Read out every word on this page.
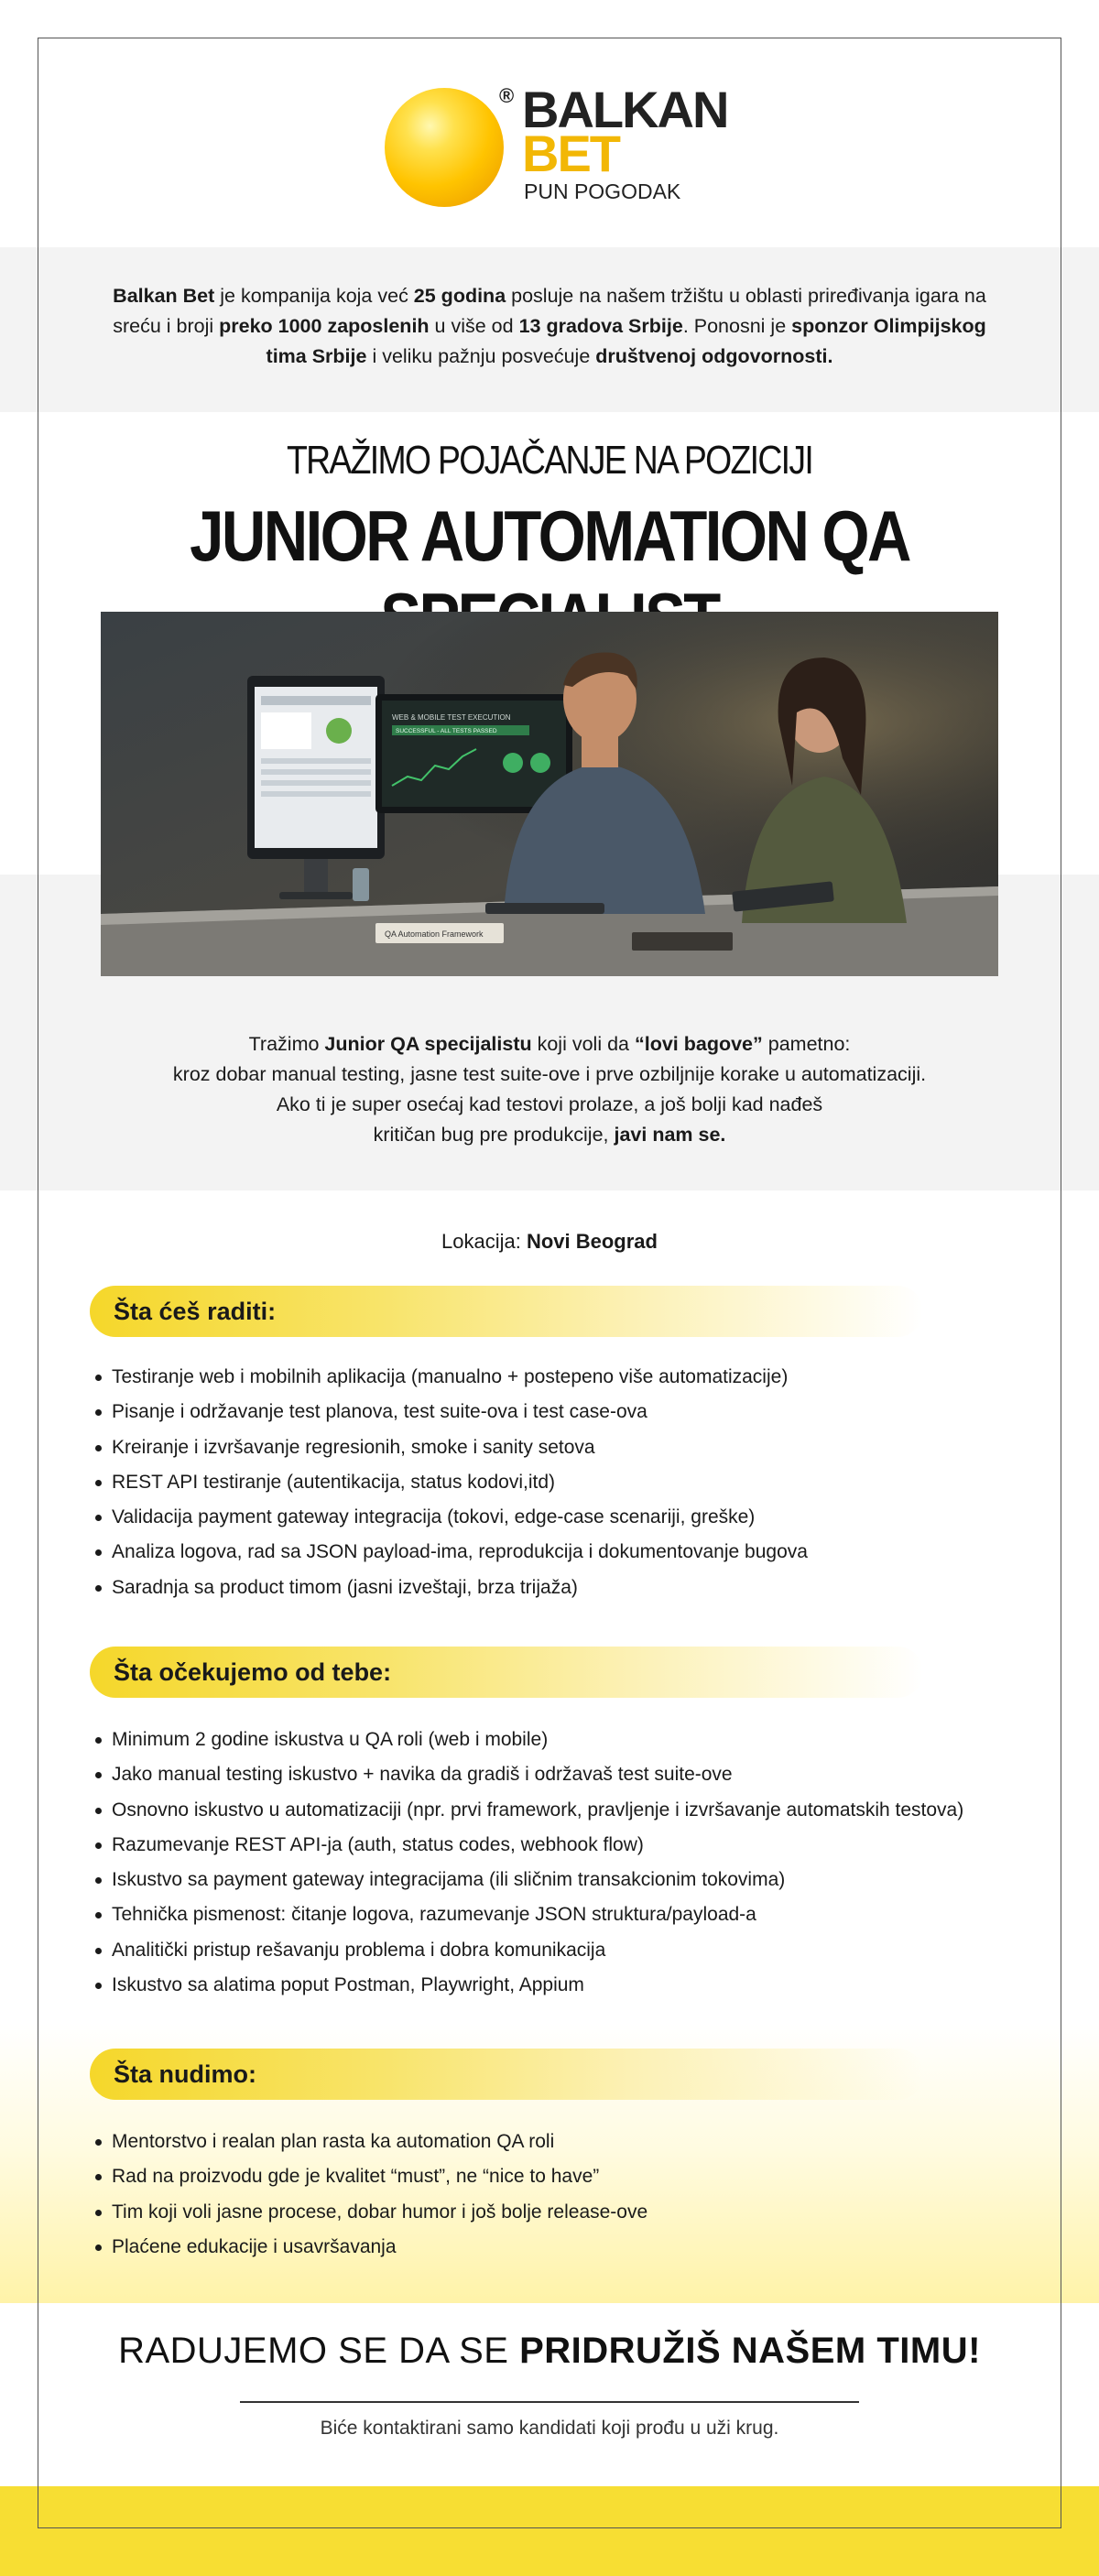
® BALKAN
BET
PUN POGODAK

Balkan Bet je kompanija koja već 25 godina posluje na našem tržištu u oblasti priređivanja igara na sreću i broji preko 1000 zaposlenih u više od 13 gradova Srbije. Ponosni je sponzor Olimpijskog tima Srbije i veliku pažnju posvećuje društvenoj odgovornosti.

TRAŽIMO POJAČANJE NA POZICIJI
JUNIOR AUTOMATION QA
WEB & MOBILE TEST EXECUTION
SUCCESSFUL - ALL TESTS PASSED
QA Automation Framework
Tražimo Junior QA specijalistu koji voli da “lovi bagove” pametno:
kroz dobar manual testing, jasne test suite-ove i prve ozbiljnije korake u automatizaciji.
Ako ti je super osećaj kad testovi prolaze, a još bolji kad nađeš
kritičan bug pre produkcije, javi nam se.
Lokacija: Novi Beograd
Šta ćeš raditi:
Testiranje web i mobilnih aplikacija (manualno + postepeno više automatizacije)
Pisanje i održavanje test planova, test suite-ova i test case-ova
Kreiranje i izvršavanje regresionih, smoke i sanity setova
REST API testiranje (autentikacija, status kodovi,itd)
Validacija payment gateway integracija (tokovi, edge-case scenariji, greške)
Analiza logova, rad sa JSON payload-ima, reprodukcija i dokumentovanje bugova
Saradnja sa product timom (jasni izveštaji, brza trijaža)
Šta očekujemo od tebe:
Minimum 2 godine iskustva u QA roli (web i mobile)
Jako manual testing iskustvo + navika da gradiš i održavaš test suite-ove
Osnovno iskustvo u automatizaciji (npr. prvi framework, pravljenje i izvršavanje automatskih testova)
Razumevanje REST API-ja (auth, status codes, webhook flow)
Iskustvo sa payment gateway integracijama (ili sličnim transakcionim tokovima)
Tehnička pismenost: čitanje logova, razumevanje JSON struktura/payload-a
Analitički pristup rešavanju problema i dobra komunikacija
Iskustvo sa alatima poput Postman, Playwright, Appium
Šta nudimo:
Mentorstvo i realan plan rasta ka automation QA roli
Rad na proizvodu gde je kvalitet “must”, ne “nice to have”
Tim koji voli jasne procese, dobar humor i još bolje release-ove
Plaćene edukacije i usavršavanja
RADUJEMO SE DA SE PRIDRUŽIŠ NAŠEM TIMU!
Biće kontaktirani samo kandidati koji prođu u uži krug.
